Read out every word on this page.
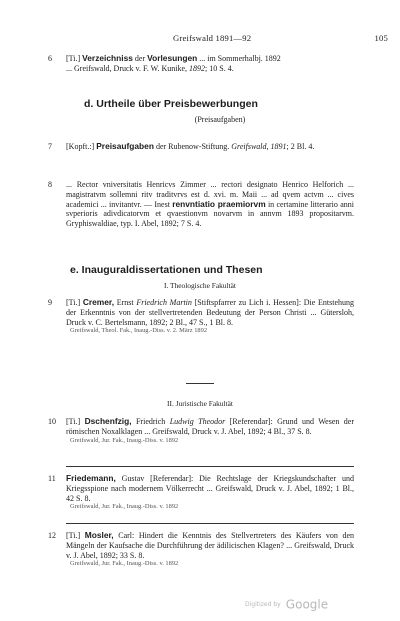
Greifswald 1891—92	105
6 [Ti.] Verzeichniss der Vorlesungen ... im Sommerhalbj. 1892
... Greifswald, Druck v. F. W. Kunike, 1892; 10 S. 4.
d. Urtheile über Preisbewerbungen
(Preisaufgaben)
7 [Kopft.:] Preisaufgaben der Rubenow-Stiftung. Greifswald, 1891; 2 Bl. 4.
8 ... Rector vniversitatis Henricvs Zimmer ... rectori designato Henrico Helforich ... magistratvm sollemni ritv traditvrvs est d. xvi. m. Maii ... ad qvem actvm ... cives academici ... invitantvr. — Inest renvntiatio praemiorvm in certamine litterario anni svperioris adivdicatorvm et qvaestionvm novarvm in annvm 1893 propositarvm. Gryphiswaldiae, typ. I. Abel, 1892; 7 S. 4.
e. Inauguraldissertationen und Thesen
I. Theologische Fakultät
9 [Ti.] Cremer, Ernst Friedrich Martin [Stiftspfarrer zu Lich i. Hessen]: Die Entstehung der Erkenntnis von der stellvertretenden Bedeutung der Person Christi ... Gütersloh, Druck v. C. Bertelsmann, 1892; 2 Bl., 47 S., 1 Bl. 8.
Greifswald, Theol. Fak., Inaug.-Diss. v. 2. März 1892
II. Juristische Fakultät
10 [Ti.] Dschenfzig, Friedrich Ludwig Theodor [Referendar]: Grund und Wesen der römischen Noxalklagen ... Greifswald, Druck v. J. Abel, 1892; 4 Bl., 37 S. 8.
Greifswald, Jur. Fak., Inaug.-Diss. v. 1892
11 Friedemann, Gustav [Referendar]: Die Rechtslage der Kriegskundschafter und Kriegsspione nach modernem Völkerrecht ... Greifswald, Druck v. J. Abel, 1892; 1 Bl., 42 S. 8.
Greifswald, Jur. Fak., Inaug.-Diss. v. 1892
12 [Ti.] Mosler, Carl: Hindert die Kenntnis des Stellvertreters des Käufers von den Mängeln der Kaufsache die Durchführung der ädilicischen Klagen? ... Greifswald, Druck v. J. Abel, 1892; 33 S. 8.
Greifswald, Jur. Fak., Inaug.-Diss. v. 1892
Digitized by Google
